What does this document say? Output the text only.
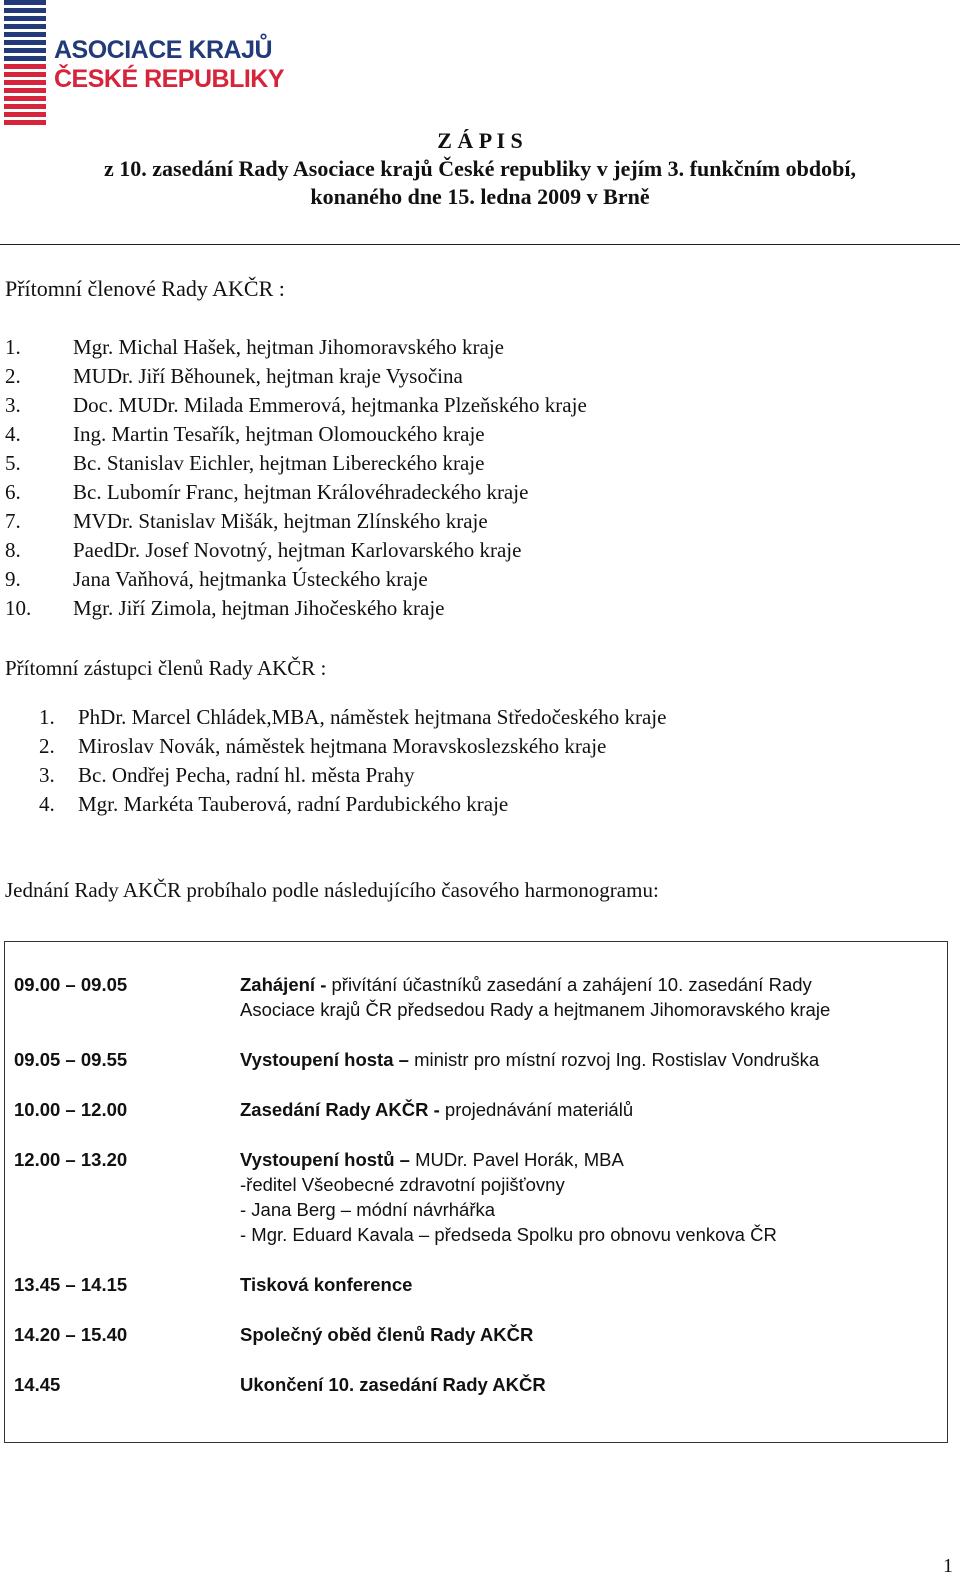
ASOCIACE KRAJŮ
ČESKÉ REPUBLIKY
Z Á P I S
z 10. zasedání Rady Asociace krajů České republiky v jejím 3. funkčním období,
konaného dne 15. ledna 2009 v Brně
Přítomní členové Rady AKČR :
1. Mgr. Michal Hašek, hejtman Jihomoravského kraje
2. MUDr. Jiří Běhounek, hejtman kraje Vysočina
3. Doc. MUDr. Milada Emmerová, hejtmanka Plzeňského kraje
4. Ing. Martin Tesařík, hejtman Olomouckého kraje
5. Bc. Stanislav Eichler, hejtman Libereckého kraje
6. Bc. Lubomír Franc, hejtman Královéhradeckého kraje
7. MVDr. Stanislav Mišák, hejtman Zlínského kraje
8. PaedDr. Josef Novotný, hejtman Karlovarského kraje
9. Jana Vaňhová, hejtmanka Ústeckého kraje
10. Mgr. Jiří Zimola, hejtman Jihočeského kraje
Přítomní zástupci členů Rady AKČR :
1. PhDr. Marcel Chládek,MBA, náměstek hejtmana Středočeského kraje
2. Miroslav Novák, náměstek hejtmana Moravskoslezského kraje
3. Bc. Ondřej Pecha, radní hl. města Prahy
4. Mgr. Markéta Tauberová, radní Pardubického kraje
Jednání Rady AKČR probíhalo podle následujícího časového harmonogramu:
09.00 – 09.05	Zahájení - přivítání účastníků zasedání a zahájení 10. zasedání Rady
Asociace krajů ČR předsedou Rady a hejtmanem Jihomoravského kraje
09.05 – 09.55	Vystoupení hosta – ministr pro místní rozvoj Ing. Rostislav Vondruška
10.00 – 12.00	Zasedání Rady AKČR - projednávání materiálů
12.00 – 13.20	Vystoupení hostů – MUDr. Pavel Horák, MBA
-ředitel Všeobecné zdravotní pojišťovny
- Jana Berg – módní návrhářka
- Mgr. Eduard Kavala – předseda Spolku pro obnovu venkova ČR
13.45 – 14.15	Tisková konference
14.20 – 15.40	Společný oběd členů Rady AKČR
14.45	Ukončení 10. zasedání Rady AKČR
1
